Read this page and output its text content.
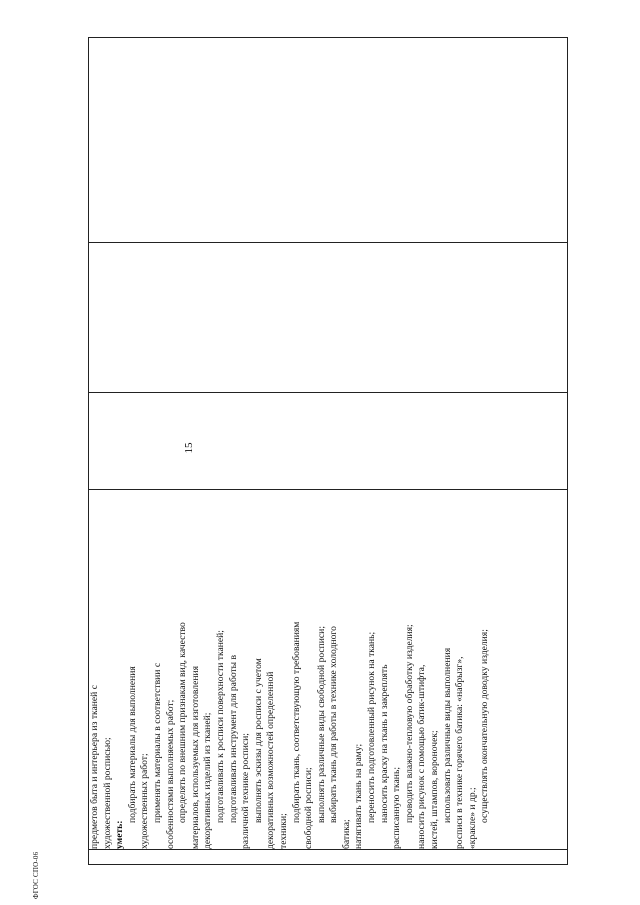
ФГОС СПО-06
15

предметов быта и интерьера из тканей с художественной росписью; уметь:
подбирать материалы для выполнения художественных работ; применять материалы в соответствии с особенностями выполняемых работ; определять по внешним признакам вид, качество материалов, используемых для изготовления декоративных изделий из тканей; подготавливать к росписи поверхности тканей; подготавливать инструмент для работы в различной технике росписи; выполнять эскизы для росписи с учетом декоративных возможностей определенной техники;
подбирать ткань, соответствующую требованиям свободной росписи; выполнять различные виды свободной росписи; выбирать ткань для работы в технике холодного
батика; натягивать ткань на раму; переносить подготовленный рисунок на ткань; наносить краску на ткань и закреплять расписанную ткань; проводить влажно-тепловую обработку изделия; наносить рисунок с помощью батик-штифта, кистей, штампов, вороночек; использовать различные виды выполнения росписи в технике горячего батика: «набрызг», «кракле» и др.; осуществлять окончательную доводку изделия;
